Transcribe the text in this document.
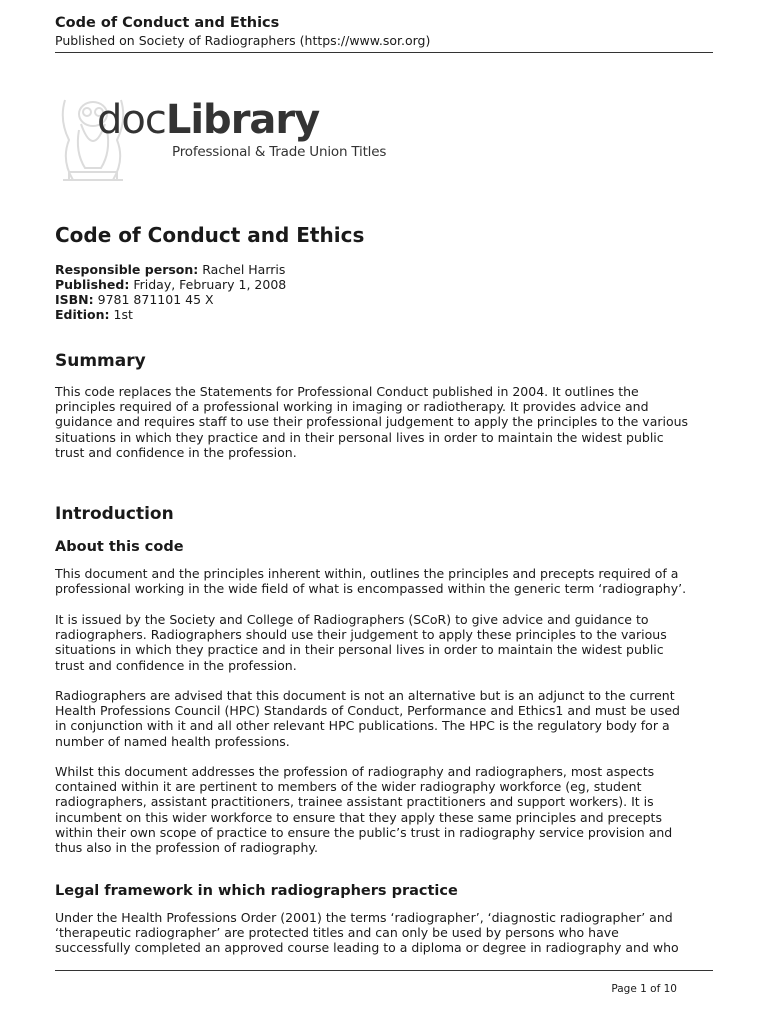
Code of Conduct and Ethics
Published on Society of Radiographers (https://www.sor.org)
docLibrary
Professional & Trade Union Titles
Code of Conduct and Ethics
Responsible person: Rachel Harris
Published: Friday, February 1, 2008
ISBN: 9781 871101 45 X
Edition: 1st
Summary
This code replaces the Statements for Professional Conduct published in 2004. It outlines the
principles required of a professional working in imaging or radiotherapy. It provides advice and
guidance and requires staff to use their professional judgement to apply the principles to the various
situations in which they practice and in their personal lives in order to maintain the widest public
trust and confidence in the profession.
Introduction
About this code
This document and the principles inherent within, outlines the principles and precepts required of a
professional working in the wide field of what is encompassed within the generic term ‘radiography’.
It is issued by the Society and College of Radiographers (SCoR) to give advice and guidance to
radiographers. Radiographers should use their judgement to apply these principles to the various
situations in which they practice and in their personal lives in order to maintain the widest public
trust and confidence in the profession.
Radiographers are advised that this document is not an alternative but is an adjunct to the current
Health Professions Council (HPC) Standards of Conduct, Performance and Ethics1 and must be used
in conjunction with it and all other relevant HPC publications. The HPC is the regulatory body for a
number of named health professions.
Whilst this document addresses the profession of radiography and radiographers, most aspects
contained within it are pertinent to members of the wider radiography workforce (eg, student
radiographers, assistant practitioners, trainee assistant practitioners and support workers). It is
incumbent on this wider workforce to ensure that they apply these same principles and precepts
within their own scope of practice to ensure the public’s trust in radiography service provision and
thus also in the profession of radiography.
Legal framework in which radiographers practice
Under the Health Professions Order (2001) the terms ‘radiographer’, ‘diagnostic radiographer’ and
‘therapeutic radiographer’ are protected titles and can only be used by persons who have
successfully completed an approved course leading to a diploma or degree in radiography and who
Page 1 of 10
